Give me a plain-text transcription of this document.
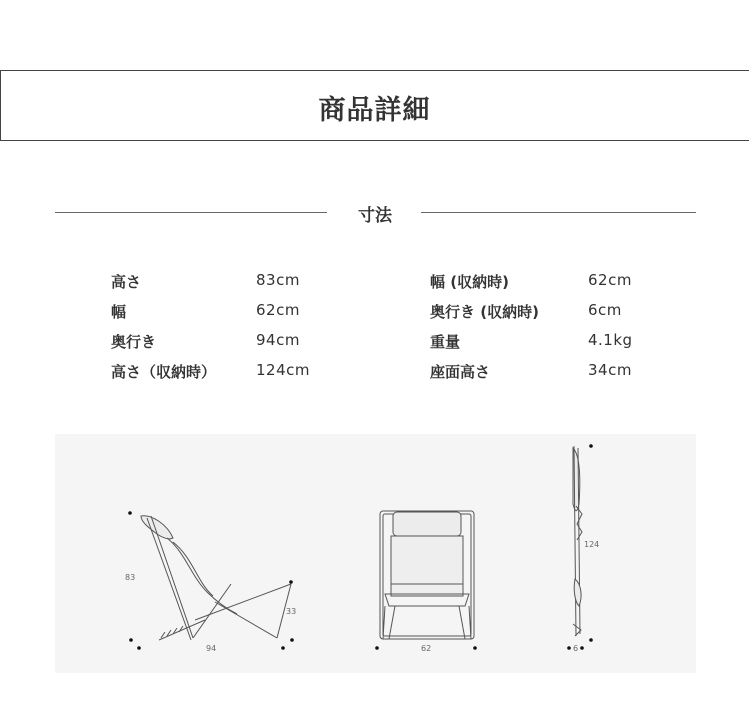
商品詳細
寸法
高さ	83cm
幅	62cm
奥行き	94cm
高さ（収納時）	124cm
幅 (収納時)	62cm
奥行き (収納時)	6cm
重量	4.1kg
座面高さ	34cm
83
33
94	62
124
6
